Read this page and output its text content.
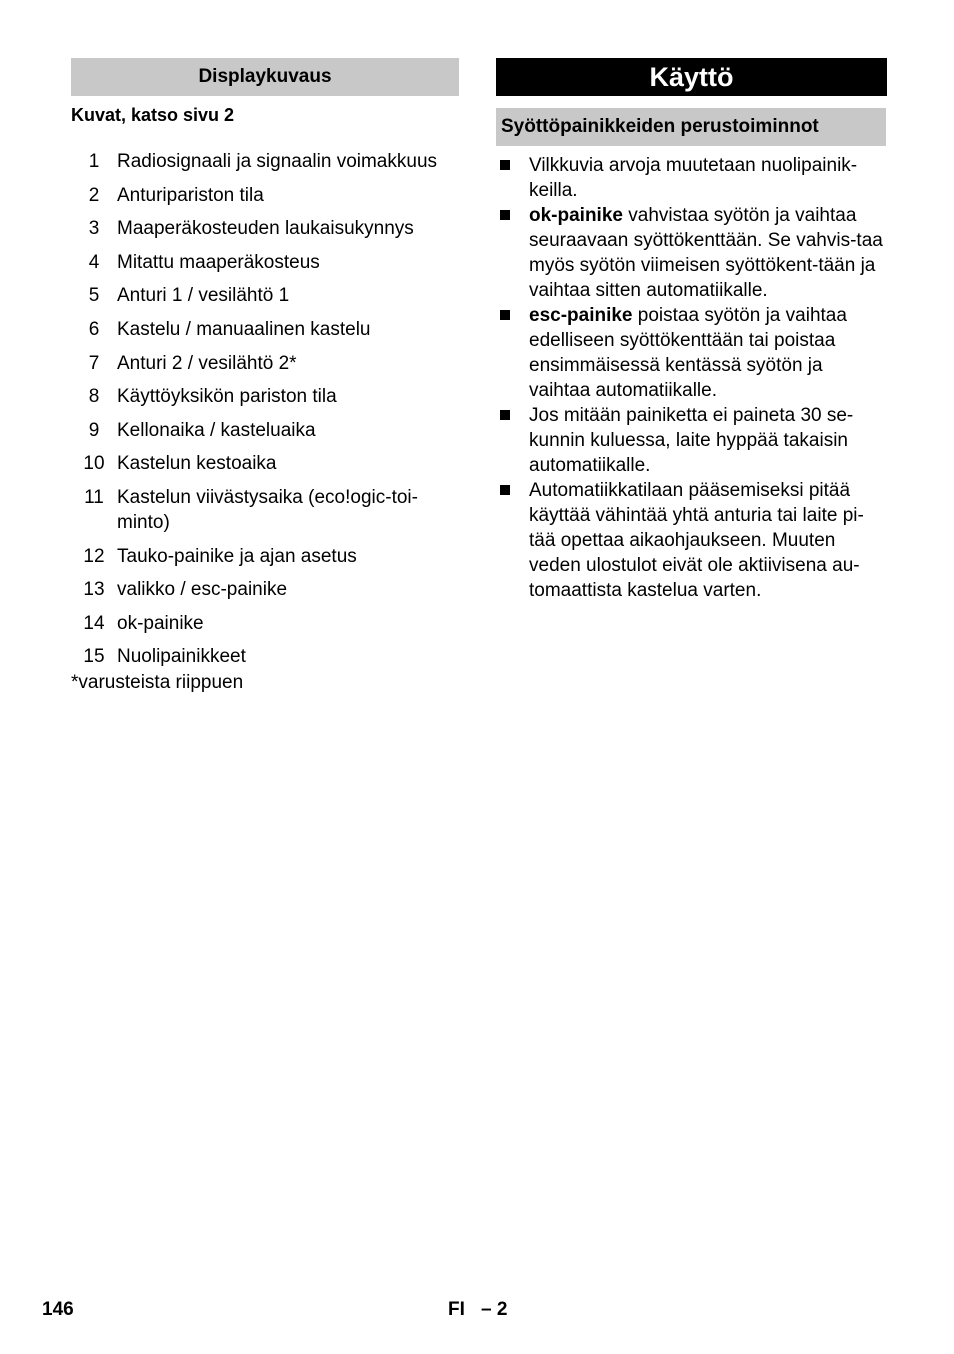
Displaykuvaus
Kuvat, katso sivu 2
1 Radiosignaali ja signaalin voimakkuus
2 Anturipariston tila
3 Maaperäkosteuden laukaisukynnys
4 Mitattu maaperäkosteus
5 Anturi 1 / vesilähtö 1
6 Kastelu / manuaalinen kastelu
7 Anturi 2 / vesilähtö 2*
8 Käyttöyksikön pariston tila
9 Kellonaika / kasteluaika
10 Kastelun kestoaika
11 Kastelun viivästysaika (eco!ogic-toi-minto)
12 Tauko-painike ja ajan asetus
13 valikko / esc-painike
14 ok-painike
15 Nuolipainikkeet
*varusteista riippuen
Käyttö
Syöttöpainikkeiden perustoiminnot
Vilkkuvia arvoja muutetaan nuolipainik-keilla.
ok-painike vahvistaa syötön ja vaihtaa seuraavaan syöttökenttään. Se vahvis-taa myös syötön viimeisen syöttökent-tään ja vaihtaa sitten automatiikalle.
esc-painike poistaa syötön ja vaihtaa edelliseen syöttökenttään tai poistaa ensimmäisessä kentässä syötön ja vaihtaa automatiikalle.
Jos mitään painiketta ei paineta 30 se-kunnin kuluessa, laite hyppää takaisin automatiikalle.
Automatiikkatilaan pääsemiseksi pitää käyttää vähintää yhtä anturia tai laite pi-tää opettaa aikaohjaukseen. Muuten veden ulostulot eivät ole aktiivisena au-tomaattista kastelua varten.
146	FI – 2
